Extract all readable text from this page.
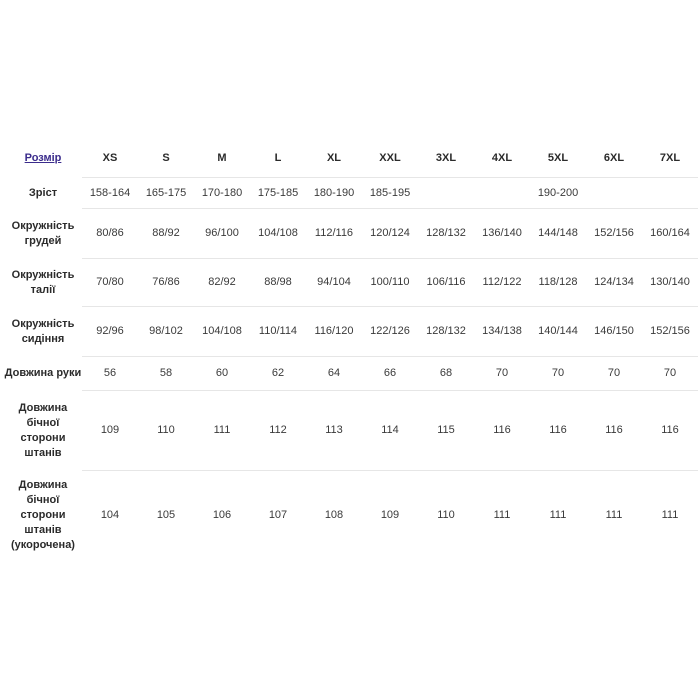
Розмір	XS	S	M	L	XL	XXL	3XL	4XL	5XL	6XL	7XL
Зріст	158-164	165-175	170-180	175-185	180-190	185-195			190-200		
Окружність грудей	80/86	88/92	96/100	104/108	112/116	120/124	128/132	136/140	144/148	152/156	160/164
Окружність талії	70/80	76/86	82/92	88/98	94/104	100/110	106/116	112/122	118/128	124/134	130/140
Окружність сидіння	92/96	98/102	104/108	110/114	116/120	122/126	128/132	134/138	140/144	146/150	152/156
Довжина руки	56	58	60	62	64	66	68	70	70	70	70
Довжина бічної сторони штанів	109	110	111	112	113	114	115	116	116	116	116
Довжина бічної сторони штанів (укорочена)	104	105	106	107	108	109	110	111	111	111	111
